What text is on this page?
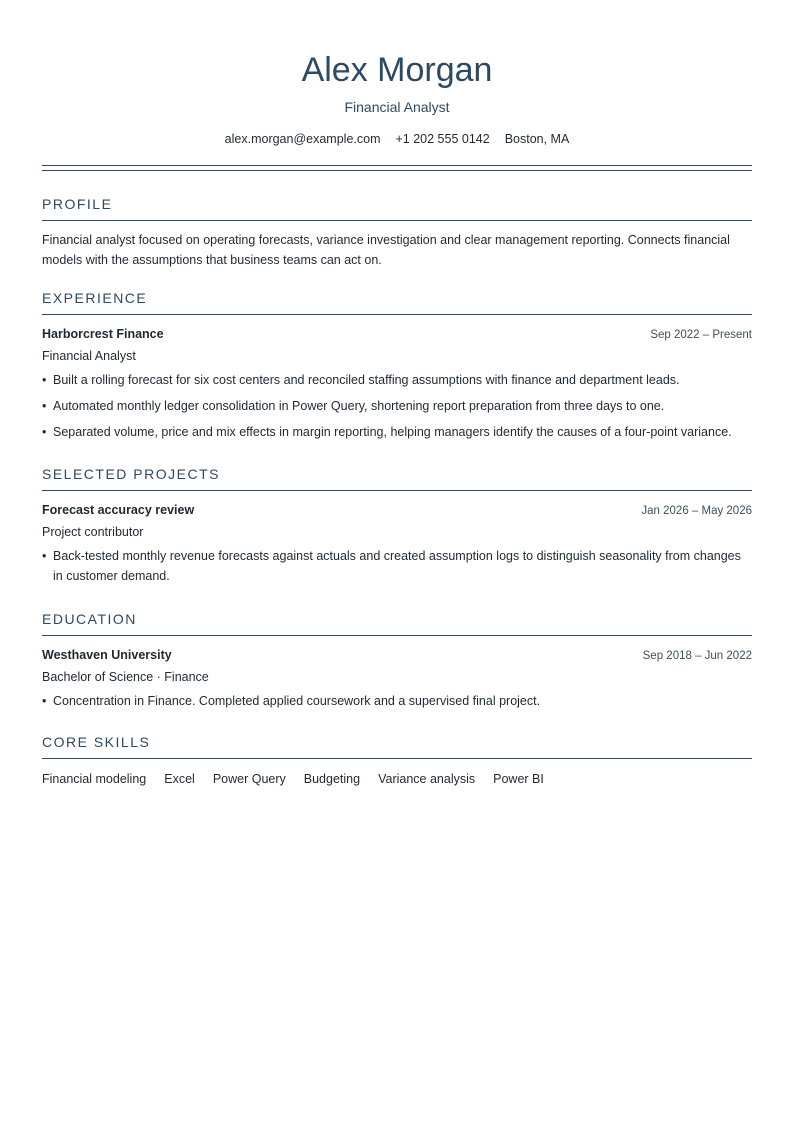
Alex Morgan
Financial Analyst
alex.morgan@example.com +1 202 555 0142 Boston, MA
PROFILE
Financial analyst focused on operating forecasts, variance investigation and clear management reporting. Connects financial models with the assumptions that business teams can act on.
EXPERIENCE
Harborcrest Finance	Sep 2022 – Present
Financial Analyst
• Built a rolling forecast for six cost centers and reconciled staffing assumptions with finance and department leads.
• Automated monthly ledger consolidation in Power Query, shortening report preparation from three days to one.
• Separated volume, price and mix effects in margin reporting, helping managers identify the causes of a four-point variance.
SELECTED PROJECTS
Forecast accuracy review	Jan 2026 – May 2026
Project contributor
• Back-tested monthly revenue forecasts against actuals and created assumption logs to distinguish seasonality from changes in customer demand.
EDUCATION
Westhaven University	Sep 2018 – Jun 2022
Bachelor of Science · Finance
• Concentration in Finance. Completed applied coursework and a supervised final project.
CORE SKILLS
Financial modeling Excel Power Query Budgeting Variance analysis Power BI
